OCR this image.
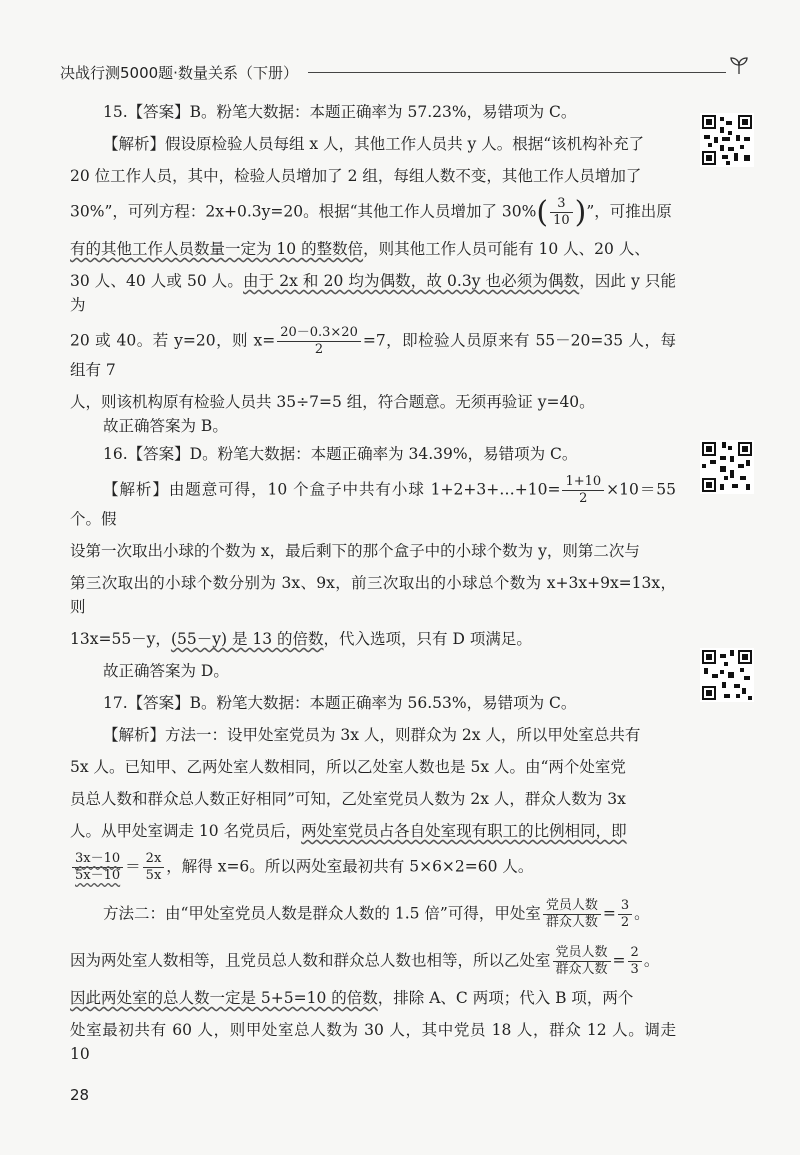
决战行测5000题·数量关系（下册）

15.【答案】B。粉笔大数据：本题正确率为 57.23%，易错项为 C。

【解析】假设原检验人员每组 x 人，其他工作人员共 y 人。根据“该机构补充了

20 位工作人员，其中，检验人员增加了 2 组，每组人数不变，其他工作人员增加了

30%”，可列方程：2x+0.3y=20。根据“其他工作人员增加了 $30\%( \frac{3}{10}$ )”，可推出原

有的其他工作人员数量一定为 10 的整数倍，则其他工作人员可能有 10 人、20 人、

30 人、40 人或 50 人。由于 2x 和 20 均为偶数，故 0.3y 也必须为偶数，因此 y 只能为

20 或 40。若 y=20，则 $x= \frac{20-0.3\times 20}{2} =7$，即检验人员原来有 55－20=35 人，每组有 7

人，则该机构原有检验人员共 35÷7=5 组，符合题意。无须再验证 y=40。

故正确答案为 B。

16.【答案】D。粉笔大数据：本题正确率为 34.39%，易错项为 C。

【解析】由题意可得，10 个盒子中共有小球 1+2+3+…+10= $\frac{1+10}{2} \times 10=55$个。假

设第一次取出小球的个数为 x，最后剩下的那个盒子中的小球个数为 y，则第二次与

第三次取出的小球个数分别为 3x、9x，前三次取出的小球总个数为 x+3x+9x=13x，则

13x=55－y，(55－y) 是 13 的倍数，代入选项，只有 D 项满足。

故正确答案为 D。

17.【答案】B。粉笔大数据：本题正确率为 56.53%，易错项为 C。

【解析】方法一：设甲处室党员为 3x 人，则群众为 2x 人，所以甲处室总共有

5x 人。已知甲、乙两处室人数相同，所以乙处室人数也是 5x 人。由“两个处室党

员总人数和群众总人数正好相同”可知，乙处室党员人数为 2x 人，群众人数为 3x

人。从甲处室调走 10 名党员后，两处室党员占各自处室现有职工的比例相同，即

$\frac{3x-10}{5x-10} = \frac{2x}{5x}$ ，解得 x=6。所以两处室最初共有 5×6×2=60 人。

方法二：由“甲处室党员人数是群众人数的 1.5 倍”可得，甲处室 $\frac{\text{党员人数}}{\text{群众人数}} = \frac{3}{2}$ 。

因为两处室人数相等，且党员总人数和群众总人数也相等，所以乙处室 $\frac{\text{党员人数}}{\text{群众人数}} = \frac{2}{3}$ 。

因此两处室的总人数一定是 5+5=10 的倍数，排除 A、C 两项；代入 B 项，两个

处室最初共有 60 人，则甲处室总人数为 30 人，其中党员 18 人，群众 12 人。调走 10

28
